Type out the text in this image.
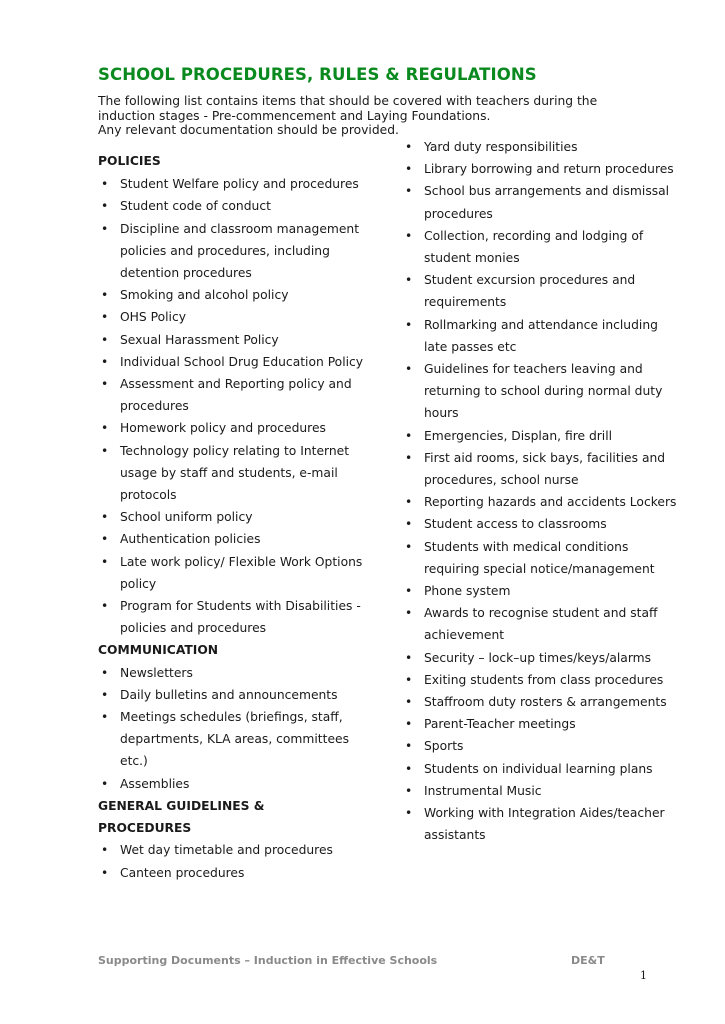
SCHOOL PROCEDURES, RULES & REGULATIONS
The following list contains items that should be covered with teachers during the
induction stages - Pre-commencement and Laying Foundations.
Any relevant documentation should be provided.
POLICIES
• Student Welfare policy and procedures
• Student code of conduct
• Discipline and classroom management policies and procedures, including detention procedures
• Smoking and alcohol policy
• OHS Policy
• Sexual Harassment Policy
• Individual School Drug Education Policy
• Assessment and Reporting policy and procedures
• Homework policy and procedures
• Technology policy relating to Internet usage by staff and students, e-mail protocols
• School uniform policy
• Authentication policies
• Late work policy/ Flexible Work Options policy
• Program for Students with Disabilities - policies and procedures
COMMUNICATION
• Newsletters
• Daily bulletins and announcements
• Meetings schedules (briefings, staff, departments, KLA areas, committees etc.)
• Assemblies
GENERAL GUIDELINES & PROCEDURES
• Wet day timetable and procedures
• Canteen procedures
• Yard duty responsibilities
• Library borrowing and return procedures
• School bus arrangements and dismissal procedures
• Collection, recording and lodging of student monies
• Student excursion procedures and requirements
• Rollmarking and attendance including late passes etc
• Guidelines for teachers leaving and returning to school during normal duty hours
• Emergencies, Displan, fire drill
• First aid rooms, sick bays, facilities and procedures, school nurse
• Reporting hazards and accidents Lockers
• Student access to classrooms
• Students with medical conditions requiring special notice/management
• Phone system
• Awards to recognise student and staff achievement
• Security – lock–up times/keys/alarms
• Exiting students from class procedures
• Staffroom duty rosters & arrangements
• Parent-Teacher meetings
• Sports
• Students on individual learning plans
• Instrumental Music
• Working with Integration Aides/teacher assistants
Supporting Documents – Induction in Effective Schools	DE&T
1
